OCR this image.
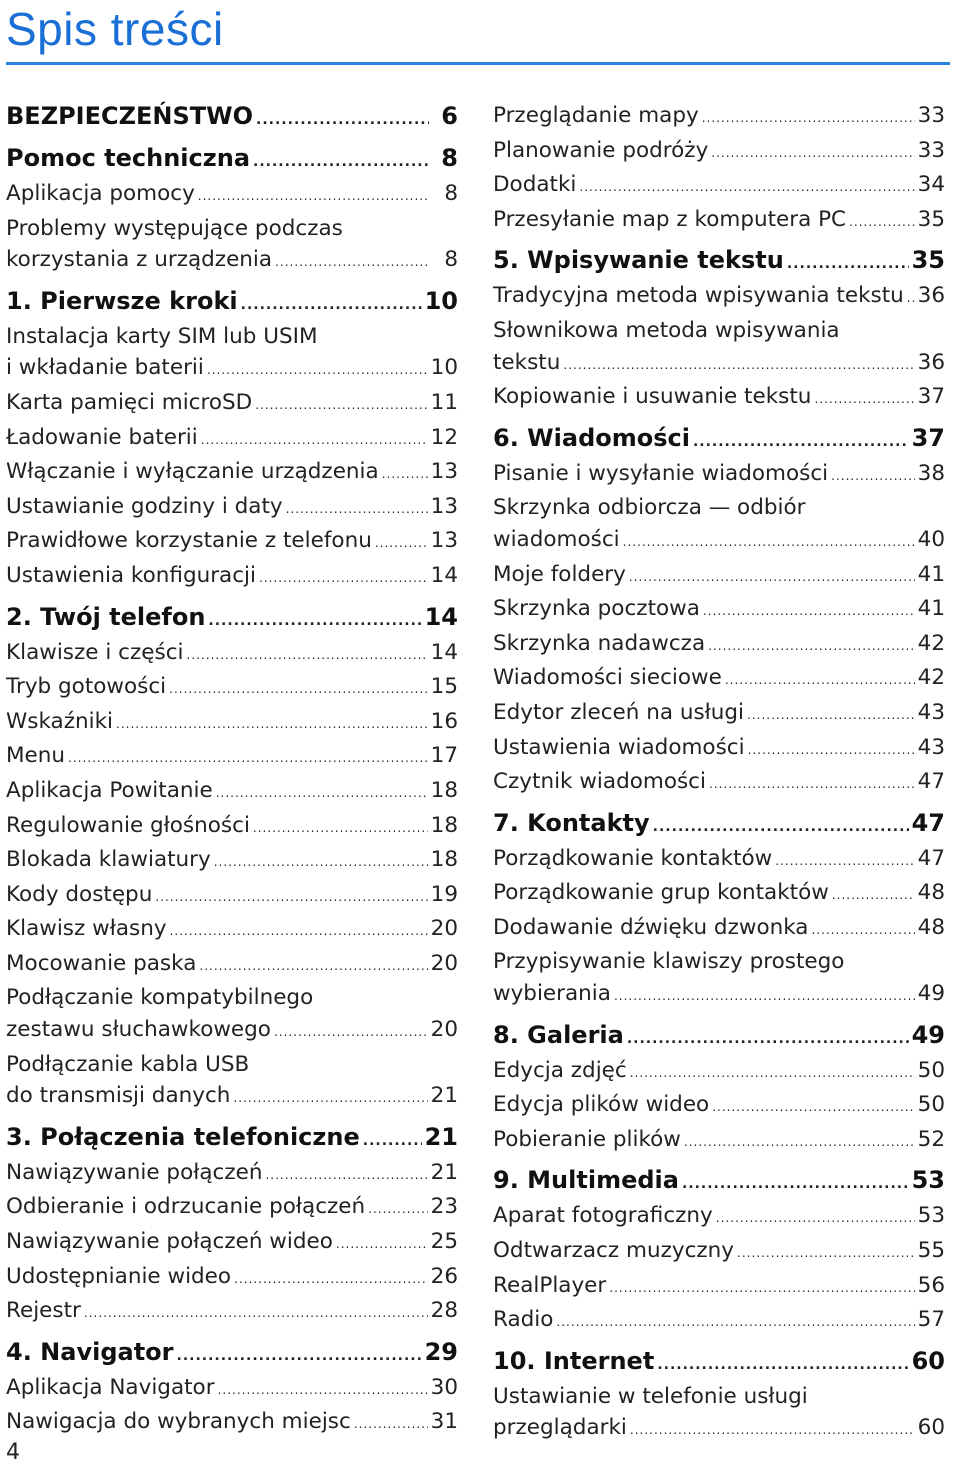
Spis treści
BEZPIECZEŃSTWO .....	6
Pomoc techniczna .....	8
Aplikacja pomocy .....	8
Problemy występujące podczas
korzystania z urządzenia .....	8
1. Pierwsze kroki .....	10
Instalacja karty SIM lub USIM
i wkładanie baterii .....	10
Karta pamięci microSD .....	11
Ładowanie baterii .....	12
Włączanie i wyłączanie urządzenia ..... 13
Ustawianie godziny i daty .....	13
Prawidłowe korzystanie z telefonu .....	13
Ustawienia konfiguracji .....	14
2. Twój telefon .....	14
Klawisze i części .....	14
Tryb gotowości .....	15
Wskaźniki .....	16
Menu .....	17
Aplikacja Powitanie .....	18
Regulowanie głośności .....	18
Blokada klawiatury .....	18
Kody dostępu .....	19
Klawisz własny .....	20
Mocowanie paska .....	20
Podłączanie kompatybilnego
zestawu słuchawkowego .....	20
Podłączanie kabla USB
do transmisji danych .....	21
3. Połączenia telefoniczne .....	21
Nawiązywanie połączeń .....	21
Odbieranie i odrzucanie połączeń .....	23
Nawiązywanie połączeń wideo .....	25
Udostępnianie wideo .....	26
Rejestr .....	28
4. Navigator .....	29
Aplikacja Navigator .....	30
Nawigacja do wybranych miejsc .....	31
Przeglądanie mapy .....	33
Planowanie podróży .....	33
Dodatki .....	34
Przesyłanie map z komputera PC .....	35
5. Wpisywanie tekstu .....	35
Tradycyjna metoda wpisywania tekstu ..... 36
Słownikowa metoda wpisywania
tekstu .....	36
Kopiowanie i usuwanie tekstu .....	37
6. Wiadomości .....	37
Pisanie i wysyłanie wiadomości .....	38
Skrzynka odbiorcza — odbiór
wiadomości .....	40
Moje foldery .....	41
Skrzynka pocztowa .....	41
Skrzynka nadawcza .....	42
Wiadomości sieciowe .....	42
Edytor zleceń na usługi .....	43
Ustawienia wiadomości .....	43
Czytnik wiadomości .....	47
7. Kontakty .....	47
Porządkowanie kontaktów .....	47
Porządkowanie grup kontaktów .....	48
Dodawanie dźwięku dzwonka .....	48
Przypisywanie klawiszy prostego
wybierania .....	49
8. Galeria .....	49
Edycja zdjęć .....	50
Edycja plików wideo .....	50
Pobieranie plików .....	52
9. Multimedia .....	53
Aparat fotograficzny .....	53
Odtwarzacz muzyczny .....	55
RealPlayer .....	56
Radio .....	57
10. Internet .....	60
Ustawianie w telefonie usługi
przeglądarki .....	60
4
